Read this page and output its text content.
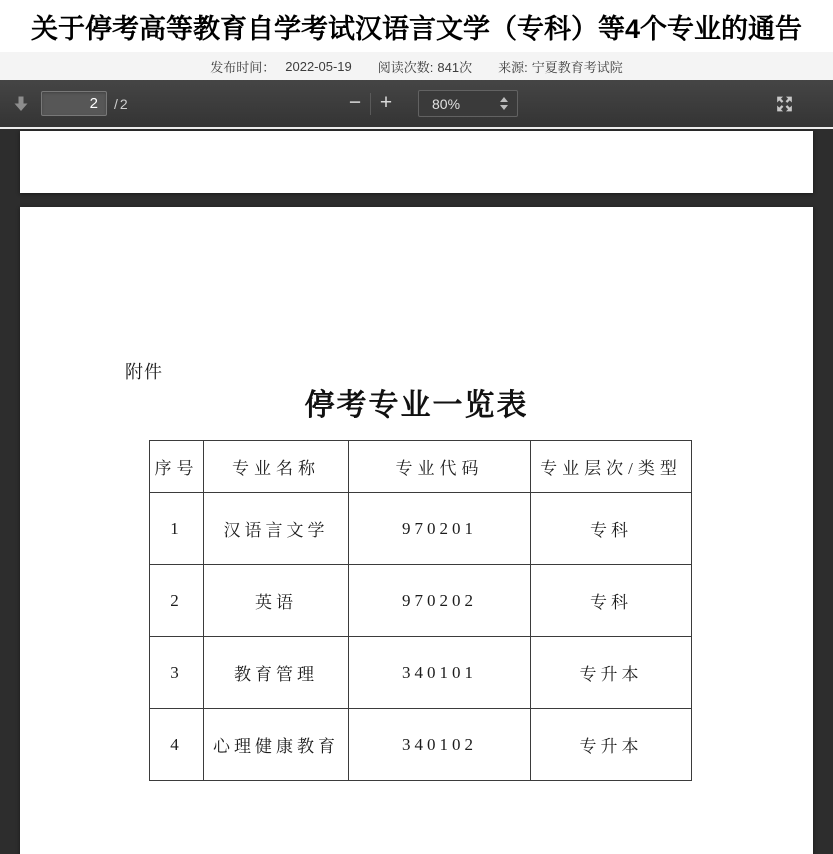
关于停考高等教育自学考试汉语言文学（专科）等4个专业的通告
发布时间： 2022-05-19 阅读次数: 841次 来源: 宁夏教育考试院
2
/2	− +	80%
附件
停考专业一览表
序号	专业名称	专业代码	专业层次/类型
1	汉语言文学	970201	专科
2	英语	970202	专科
3	教育管理	340101	专升本
4	心理健康教育	340102	专升本
